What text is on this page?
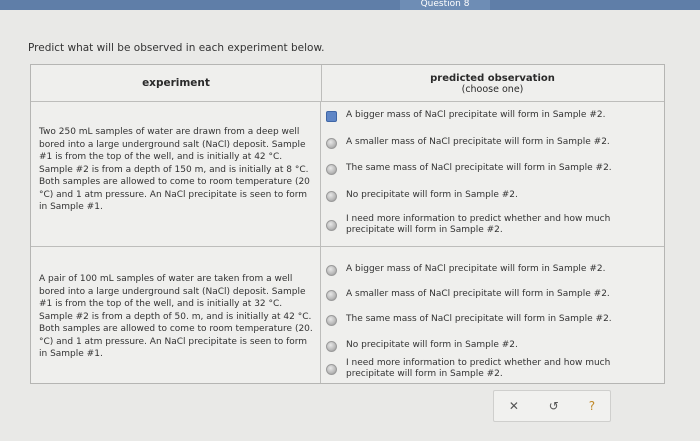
Question 8
Predict what will be observed in each experiment below.
experiment	predicted observation
(choose one)
Two 250 mL samples of water are drawn from a deep well bored into a large underground salt (NaCl) deposit. Sample #1 is from the top of the well, and is initially at 42 °C. Sample #2 is from a depth of 150 m, and is initially at 8 °C. Both samples are allowed to come to room temperature (20 °C) and 1 atm pressure. An NaCl precipitate is seen to form in Sample #1.
A bigger mass of NaCl precipitate will form in Sample #2.
A smaller mass of NaCl precipitate will form in Sample #2.
The same mass of NaCl precipitate will form in Sample #2.
No precipitate will form in Sample #2.
I need more information to predict whether and how much precipitate will form in Sample #2.
A pair of 100 mL samples of water are taken from a well bored into a large underground salt (NaCl) deposit. Sample #1 is from the top of the well, and is initially at 32 °C. Sample #2 is from a depth of 50. m, and is initially at 42 °C. Both samples are allowed to come to room temperature (20. °C) and 1 atm pressure. An NaCl precipitate is seen to form in Sample #1.
A bigger mass of NaCl precipitate will form in Sample #2.
A smaller mass of NaCl precipitate will form in Sample #2.
The same mass of NaCl precipitate will form in Sample #2.
No precipitate will form in Sample #2.
I need more information to predict whether and how much precipitate will form in Sample #2.
✕ ↺ ?
